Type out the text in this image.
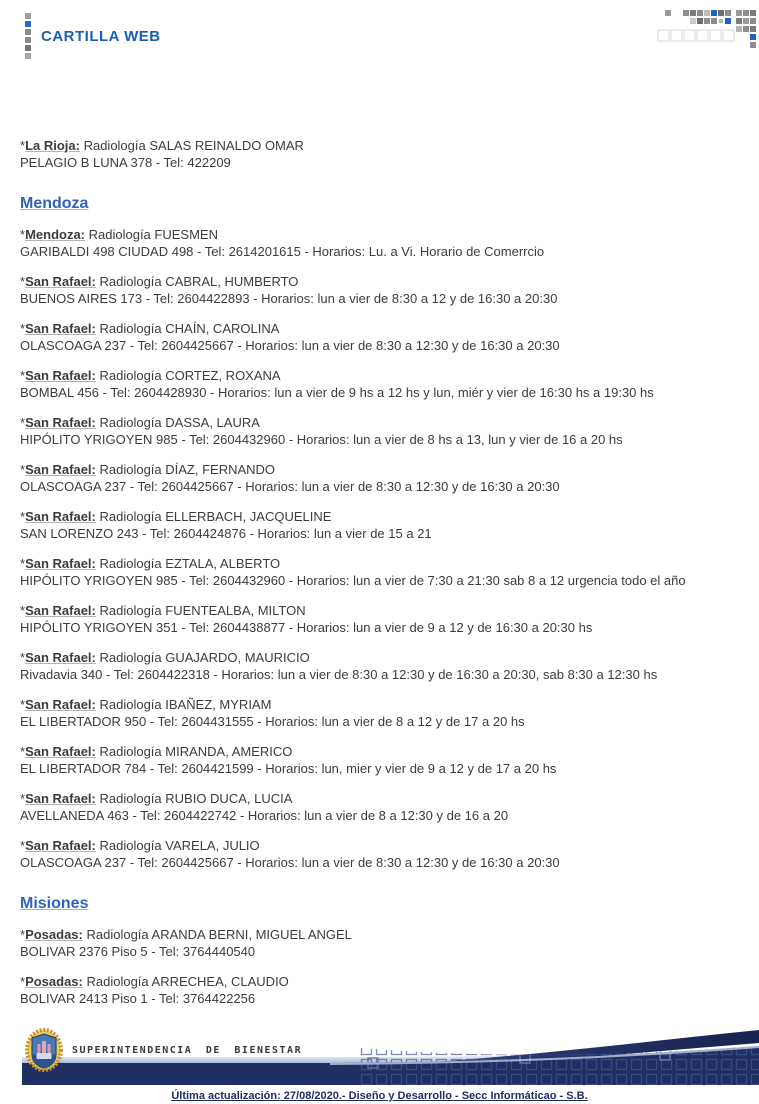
CARTILLA WEB

*La Rioja: Radiología SALAS REINALDO OMAR
PELAGIO B LUNA 378 - Tel: 422209

Mendoza

*Mendoza: Radiología FUESMEN
GARIBALDI 498 CIUDAD 498 - Tel: 2614201615 - Horarios: Lu. a Vi. Horario de Comerrcio

*San Rafael: Radiología CABRAL, HUMBERTO
BUENOS AIRES 173 - Tel: 2604422893 - Horarios: lun a vier de 8:30 a 12 y de 16:30 a 20:30

*San Rafael: Radiología CHAÍN, CAROLINA
OLASCOAGA 237 - Tel: 2604425667 - Horarios: lun a vier de 8:30 a 12:30 y de 16:30 a 20:30

*San Rafael: Radiología CORTEZ, ROXANA
BOMBAL 456 - Tel: 2604428930 - Horarios: lun a vier de 9 hs a 12 hs y lun, miér y vier de 16:30 hs a 19:30 hs

*San Rafael: Radiología DASSA, LAURA
HIPÓLITO YRIGOYEN 985 - Tel: 2604432960 - Horarios: lun a vier de 8 hs a 13, lun y vier de 16 a 20 hs

*San Rafael: Radiología DÍAZ, FERNANDO
OLASCOAGA 237 - Tel: 2604425667 - Horarios: lun a vier de 8:30 a 12:30 y de 16:30 a 20:30

*San Rafael: Radiología ELLERBACH, JACQUELINE
SAN LORENZO 243 - Tel: 2604424876 - Horarios: lun a vier de 15 a 21

*San Rafael: Radiología EZTALA, ALBERTO
HIPÓLITO YRIGOYEN 985 - Tel: 2604432960 - Horarios: lun a vier de 7:30 a 21:30 sab 8 a 12 urgencia todo el año

*San Rafael: Radiología FUENTEALBA, MILTON
HIPÓLITO YRIGOYEN 351 - Tel: 2604438877 - Horarios: lun a vier de 9 a 12 y de 16:30 a 20:30 hs

*San Rafael: Radiología GUAJARDO, MAURICIO
Rivadavia 340 - Tel: 2604422318 - Horarios: lun a vier de 8:30 a 12:30 y de 16:30 a 20:30, sab 8:30 a 12:30 hs

*San Rafael: Radiología IBAÑEZ, MYRIAM
EL LIBERTADOR 950 - Tel: 2604431555 - Horarios: lun a vier de 8 a 12 y de 17 a 20 hs

*San Rafael: Radiología MIRANDA, AMERICO
EL LIBERTADOR 784 - Tel: 2604421599 - Horarios: lun, mier y vier de 9 a 12 y de 17 a 20 hs

*San Rafael: Radiología RUBIO DUCA, LUCIA
AVELLANEDA 463 - Tel: 2604422742 - Horarios: lun a vier de 8 a 12:30 y de 16 a 20

*San Rafael: Radiología VARELA, JULIO
OLASCOAGA 237 - Tel: 2604425667 - Horarios: lun a vier de 8:30 a 12:30 y de 16:30 a 20:30

Misiones

*Posadas: Radiología ARANDA BERNI, MIGUEL ANGEL
BOLIVAR 2376 Piso 5 - Tel: 3764440540

*Posadas: Radiología ARRECHEA, CLAUDIO
BOLIVAR 2413 Piso 1 - Tel: 3764422256

SUPERINTENDENCIA DE BIENESTAR
Última actualización: 27/08/2020.- Diseño y Desarrollo - Secc Informáticao - S.B.
